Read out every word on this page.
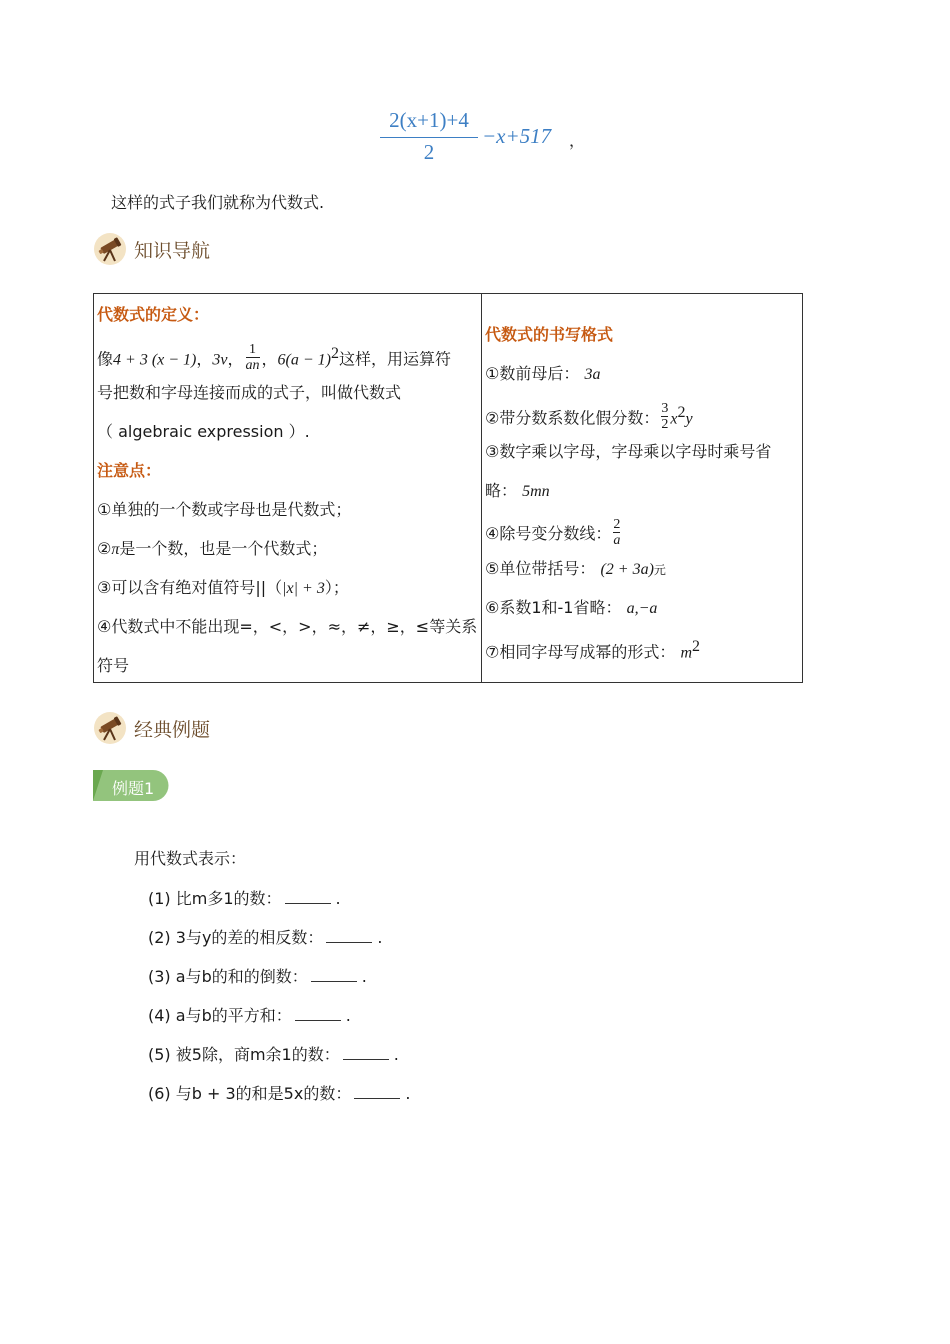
2(x+1)+4
2
−x+517 ，
这样的式子我们就称为代数式.
知识导航
代数式的定义：
像4 + 3 (x − 1)，3v， $\frac{1}{an}$ ，$6(a - 1)^2$这样，用运算符
号把数和字母连接而成的式子，叫做代数式
（ algebraic expression ）.
注意点：
①单独的一个数或字母也是代数式；
②π是一个数，也是一个代数式；
③可以含有绝对值符号||（|x| + 3）；
④代数式中不能出现=，<，>，≈，≠，≥，≤等关系
符号
代数式的书写格式
①数前母后： 3a
②带分数系数化假分数： $\frac{3}{2} x^2y$
③数字乘以字母，字母乘以字母时乘号省
略： 5mn
④除号变分数线： $\frac{2}{a}$
⑤单位带括号： (2 + 3a)元
⑥系数1和-1省略： a,−a
⑦相同字母写成幂的形式： $m^2$
经典例题
例题1
用代数式表示：
(1) 比m多1的数：	.
(2) 3与y的差的相反数：	.
(3) a与b的和的倒数：	.
(4) a与b的平方和：	.
(5) 被5除，商m余1的数：	.
(6) 与b + 3的和是5x的数：	.
